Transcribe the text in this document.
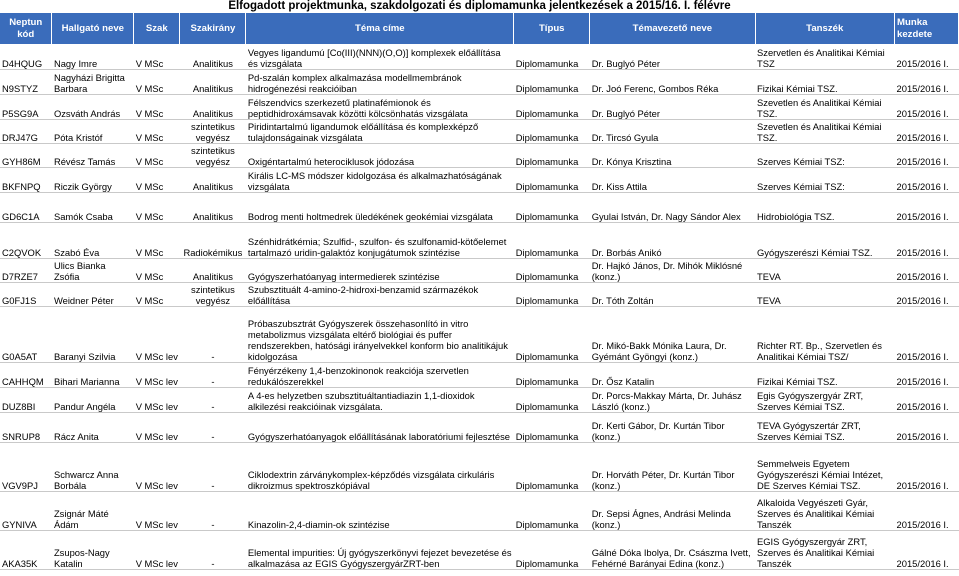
Elfogadott projektmunka, szakdolgozati és diplomamunka jelentkezések a 2015/16. I. félévre
Neptun kód	Hallgató neve	Szak	Szakirány	Téma címe	Típus	Témavezető neve	Tanszék	Munka kezdete
D4HQUG	Nagy Imre	V MSc	Analitikus	Vegyes ligandumú [Co(III)(NNN)(O,O)] komplexek előállítása és vizsgálata	Diplomamunka	Dr. Buglyó Péter	Szervetlen és Analitikai Kémiai TSZ	2015/2016 I.
N9STYZ	Nagyházi Brigitta Barbara	V MSc	Analitikus	Pd-szalán komplex alkalmazása modellmembránok hidrogénezési reakcióiban	Diplomamunka	Dr. Joó Ferenc, Gombos Réka	Fizikai Kémiai TSZ.	2015/2016 I.
P5SG9A	Ozsváth András	V MSc	Analitikus	Félszendvics szerkezetű platinafémionok és peptidhidroxámsavak közötti kölcsönhatás vizsgálata	Diplomamunka	Dr. Buglyó Péter	Szevetlen és Analitikai Kémiai TSZ.	2015/2016 I.
DRJ47G	Póta Kristóf	V MSc	szintetikus vegyész	Piridintartalmú ligandumok előállítása és komplexképző tulajdonságainak vizsgálata	Diplomamunka	Dr. Tircsó Gyula	Szevetlen és Analitikai Kémiai TSZ.	2015/2016 I.
GYH86M	Révész Tamás	V MSc	szintetikus vegyész	Oxigéntartalmú heterociklusok jódozása	Diplomamunka	Dr. Kónya Krisztina	Szerves Kémiai TSZ:	2015/2016 I.
BKFNPQ	Riczik György	V MSc	Analitikus	Királis LC-MS módszer kidolgozása és alkalmazhatóságának vizsgálata	Diplomamunka	Dr. Kiss Attila	Szerves Kémiai TSZ:	2015/2016 I.
GD6C1A	Samók Csaba	V MSc	Analitikus	Bodrog menti holtmedrek üledékének geokémiai vizsgálata	Diplomamunka	Gyulai István, Dr. Nagy Sándor Alex	Hidrobiológia TSZ.	2015/2016 I.
C2QVOK	Szabó Éva	V MSc	Radiokémikus	Szénhidrátkémia; Szulfid-, szulfon- és szulfonamid-kötőelemet tartalmazó uridin-galaktóz konjugátumok szintézise	Diplomamunka	Dr. Borbás Anikó	Gyógyszerészi Kémiai TSZ.	2015/2016 I.
D7RZE7	Ulics Bianka Zsófia	V MSc	Analitikus	Gyógyszerhatóanyag intermedierek szintézise	Diplomamunka	Dr. Hajkó János, Dr. Mihók Miklósné (konz.)	TEVA	2015/2016 I.
G0FJ1S	Weidner Péter	V MSc	szintetikus vegyész	Szubsztituált 4-amino-2-hidroxi-benzamid származékok előállítása	Diplomamunka	Dr. Tóth Zoltán	TEVA	2015/2016 I.
G0A5AT	Baranyi Szilvia	V MSc lev	-	Próbaszubsztrát Gyógyszerek összehasonlító in vitro metabolizmus vizsgálata eltérő biológiai és puffer rendszerekben, hatósági irányelvekkel konform bio analitikájuk kidolgozása	Diplomamunka	Dr. Mikó-Bakk Mónika Laura, Dr. Gyémánt Gyöngyi (konz.)	Richter RT. Bp., Szervetlen és Analitikai Kémiai TSZ/	2015/2016 I.
CAHHQM	Bihari Marianna	V MSc lev	-	Fényérzékeny 1,4-benzokinonok reakciója szervetlen redukálószerekkel	Diplomamunka	Dr. Ősz Katalin	Fizikai Kémiai TSZ.	2015/2016 I.
DUZ8BI	Pandur Angéla	V MSc lev	-	A 4-es helyzetben szubsztituáltantiadiazin 1,1-dioxidok alkilezési reakcióinak vizsgálata.	Diplomamunka	Dr. Porcs-Makkay Márta, Dr. Juhász László (konz.)	Egis Gyógyszergyár ZRT, Szerves Kémiai TSZ.	2015/2016 I.
SNRUP8	Rácz Anita	V MSc lev	-	Gyógyszerhatóanyagok előállításának laboratóriumi fejlesztése	Diplomamunka	Dr. Kerti Gábor, Dr. Kurtán Tibor (konz.)	TEVA Gyógyszertár ZRT, Szerves Kémiai TSZ.	2015/2016 I.
VGV9PJ	Schwarcz Anna Borbála	V MSc lev	-	Ciklodextrin zárványkomplex-képződés vizsgálata cirkuláris dikroizmus spektroszkópiával	Diplomamunka	Dr. Horváth Péter, Dr. Kurtán Tibor (konz.)	Semmelweis Egyetem Gyógyszerészi Kémiai Intézet, DE Szerves Kémiai TSZ.	2015/2016 I.
GYNIVA	Zsignár Máté Ádám	V MSc lev	-	Kinazolin-2,4-diamin-ok szintézise	Diplomamunka	Dr. Sepsi Ágnes, Andrási Melinda (konz.)	Alkaloida Vegyészeti Gyár, Szerves és Analitikai Kémiai Tanszék	2015/2016 I.
AKA35K	Zsupos-Nagy Katalin	V MSc lev	-	Elemental impurities: Új gyógyszerkönyvi fejezet bevezetése és alkalmazása az EGIS GyógyszergyárZRT-ben	Diplomamunka	Gálné Dóka Ibolya, Dr. Császma Ivett, Fehérné Barányai Edina (konz.)	EGIS Gyógyszergyár ZRT, Szerves és Analitikai Kémiai Tanszék	2015/2016 I.
